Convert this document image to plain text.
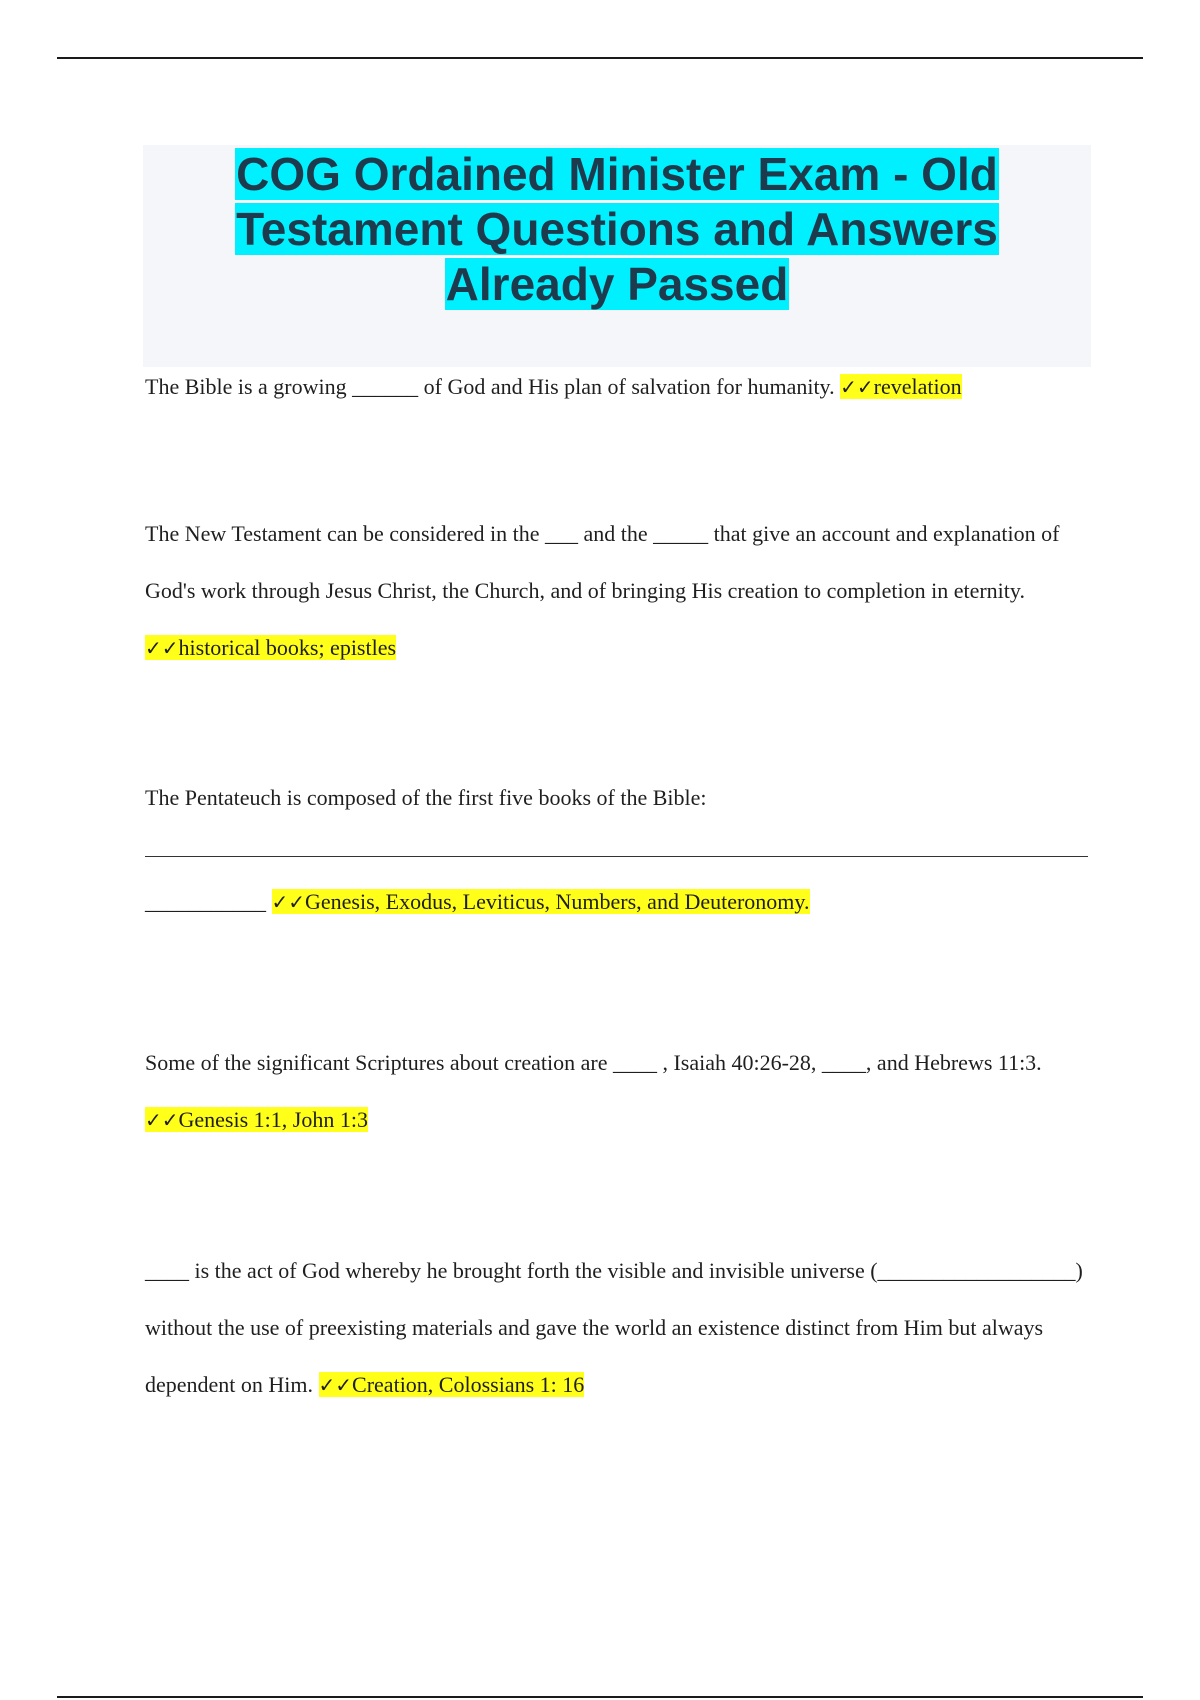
COG Ordained Minister Exam - Old
Testament Questions and Answers
Already Passed
The Bible is a growing ______ of God and His plan of salvation for humanity. ✓✓revelation
The New Testament can be considered in the ___ and the _____ that give an account and explanation of God's work through Jesus Christ, the Church, and of bringing His creation to completion in eternity. ✓✓historical books; epistles
The Pentateuch is composed of the first five books of the Bible:
___________ ✓✓Genesis, Exodus, Leviticus, Numbers, and Deuteronomy.
Some of the significant Scriptures about creation are ____ , Isaiah 40:26-28, ____, and Hebrews 11:3. ✓✓Genesis 1:1, John 1:3
____ is the act of God whereby he brought forth the visible and invisible universe (__________________) without the use of preexisting materials and gave the world an existence distinct from Him but always dependent on Him. ✓✓Creation, Colossians 1: 16
